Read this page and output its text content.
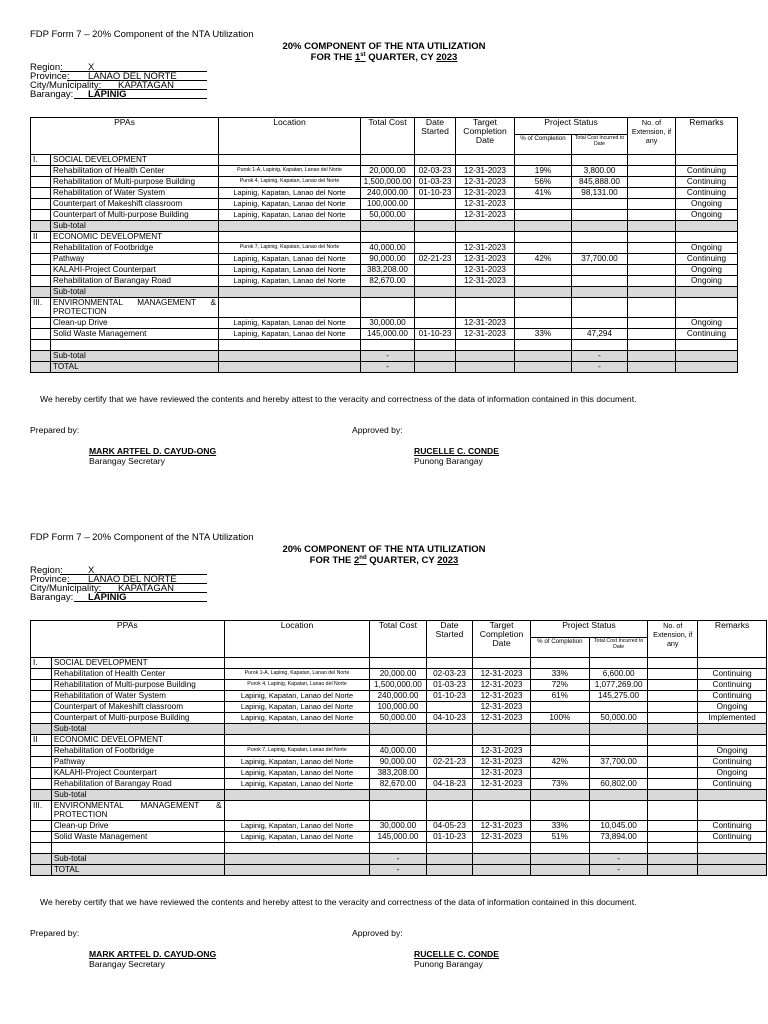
FDP Form 7 – 20% Component of the NTA Utilization
20% COMPONENT OF THE NTA UTILIZATION
FOR THE 1st QUARTER, CY 2023
Region:	X
Province: LANAO DEL NORTE
City/Municipality: KAPATAGAN
Barangay: LAPINIG
PPAs		Location	Total Cost	Date Started	Target Completion Date	Project Status		No. of Extension, if any	Remarks
						% of Completion	Total Cost Incurred to Date		
I.	SOCIAL DEVELOPMENT								
	Rehabilitation of Health Center	Purok 1-A, Lapinig, Kapatan, Lanao del Norte	20,000.00	02-03-23	12-31-2023	19%	3,800.00		Continuing
	Rehabilitation of Multi-purpose Building	Purok 4, Lapinig, Kapatan, Lanao del Norte	1,500,000.00	01-03-23	12-31-2023	56%	845,888.00		Continuing
	Rehabilitation of Water System	Lapinig, Kapatan, Lanao del Norte	240,000.00	01-10-23	12-31-2023	41%	98,131.00		Continuing
	Counterpart of Makeshift classroom	Lapinig, Kapatan, Lanao del Norte	100,000.00		12-31-2023				Ongoing
	Counterpart of Multi-purpose Building	Lapinig, Kapatan, Lanao del Norte	50,000.00		12-31-2023				Ongoing
	Sub-total								
II	ECONOMIC DEVELOPMENT								
	Rehabilitation of Footbridge	Purok 7, Lapinig, Kapatan, Lanao del Norte	40,000.00		12-31-2023				Ongoing
	Pathway	Lapinig, Kapatan, Lanao del Norte	90,000.00	02-21-23	12-31-2023	42%	37,700.00		Continuing
	KALAHI-Project Counterpart	Lapinig, Kapatan, Lanao del Norte	383,208.00		12-31-2023				Ongoing
	Rehabilitation of Barangay Road	Lapinig, Kapatan, Lanao del Norte	82,670.00		12-31-2023				Ongoing
	Sub-total								
III.	ENVIRONMENTAL MANAGEMENT & PROTECTION								
	Clean-up Drive	Lapinig, Kapatan, Lanao del Norte	30,000.00		12-31-2023				Ongoing
	Solid Waste Management	Lapinig, Kapatan, Lanao del Norte	145,000.00	01-10-23	12-31-2023	33%	47,294		Continuing

	Sub-total		-				-		
	TOTAL		-				-		
We hereby certify that we have reviewed the contents and hereby attest to the veracity and correctness of the data of information contained in this document.
Prepared by:	Approved by:
MARK ARTFEL D. CAYUD-ONG
Barangay Secretary
RUCELLE C. CONDE
Punong Barangay
FDP Form 7 – 20% Component of the NTA Utilization
20% COMPONENT OF THE NTA UTILIZATION
FOR THE 2nd QUARTER, CY 2023
Region:	X
Province: LANAO DEL NORTE
City/Municipality: KAPATAGAN
Barangay: LAPINIG
PPAs		Location	Total Cost	Date Started	Target Completion Date	Project Status		No. of Extension, if any	Remarks
						% of Completion	Total Cost Incurred to Date		
I.	SOCIAL DEVELOPMENT								
	Rehabilitation of Health Center	Purok 1-A, Lapinig, Kapatan, Lanao del Norte	20,000.00	02-03-23	12-31-2023	33%	6,600.00		Continuing
	Rehabilitation of Multi-purpose Building	Purok 4, Lapinig, Kapatan, Lanao del Norte	1,500,000.00	01-03-23	12-31-2023	72%	1,077,269.00		Continuing
	Rehabilitation of Water System	Lapinig, Kapatan, Lanao del Norte	240,000.00	01-10-23	12-31-2023	61%	145,275.00		Continuing
	Counterpart of Makeshift classroom	Lapinig, Kapatan, Lanao del Norte	100,000.00		12-31-2023				Ongoing
	Counterpart of Multi-purpose Building	Lapinig, Kapatan, Lanao del Norte	50,000.00	04-10-23	12-31-2023	100%	50,000.00		Implemented
	Sub-total								
II	ECONOMIC DEVELOPMENT								
	Rehabilitation of Footbridge	Purok 7, Lapinig, Kapatan, Lanao del Norte	40,000.00		12-31-2023				Ongoing
	Pathway	Lapinig, Kapatan, Lanao del Norte	90,000.00	02-21-23	12-31-2023	42%	37,700.00		Continuing
	KALAHI-Project Counterpart	Lapinig, Kapatan, Lanao del Norte	383,208.00		12-31-2023				Ongoing
	Rehabilitation of Barangay Road	Lapinig, Kapatan, Lanao del Norte	82,670.00	04-18-23	12-31-2023	73%	60,802.00		Continuing
	Sub-total								
III.	ENVIRONMENTAL MANAGEMENT & PROTECTION								
	Clean-up Drive	Lapinig, Kapatan, Lanao del Norte	30,000.00	04-05-23	12-31-2023	33%	10,045.00		Continuing
	Solid Waste Management	Lapinig, Kapatan, Lanao del Norte	145,000.00	01-10-23	12-31-2023	51%	73,894.00		Continuing

	Sub-total		-				-		
	TOTAL		-				-		
We hereby certify that we have reviewed the contents and hereby attest to the veracity and correctness of the data of information contained in this document.
Prepared by:	Approved by:
MARK ARTFEL D. CAYUD-ONG
Barangay Secretary
RUCELLE C. CONDE
Punong Barangay
